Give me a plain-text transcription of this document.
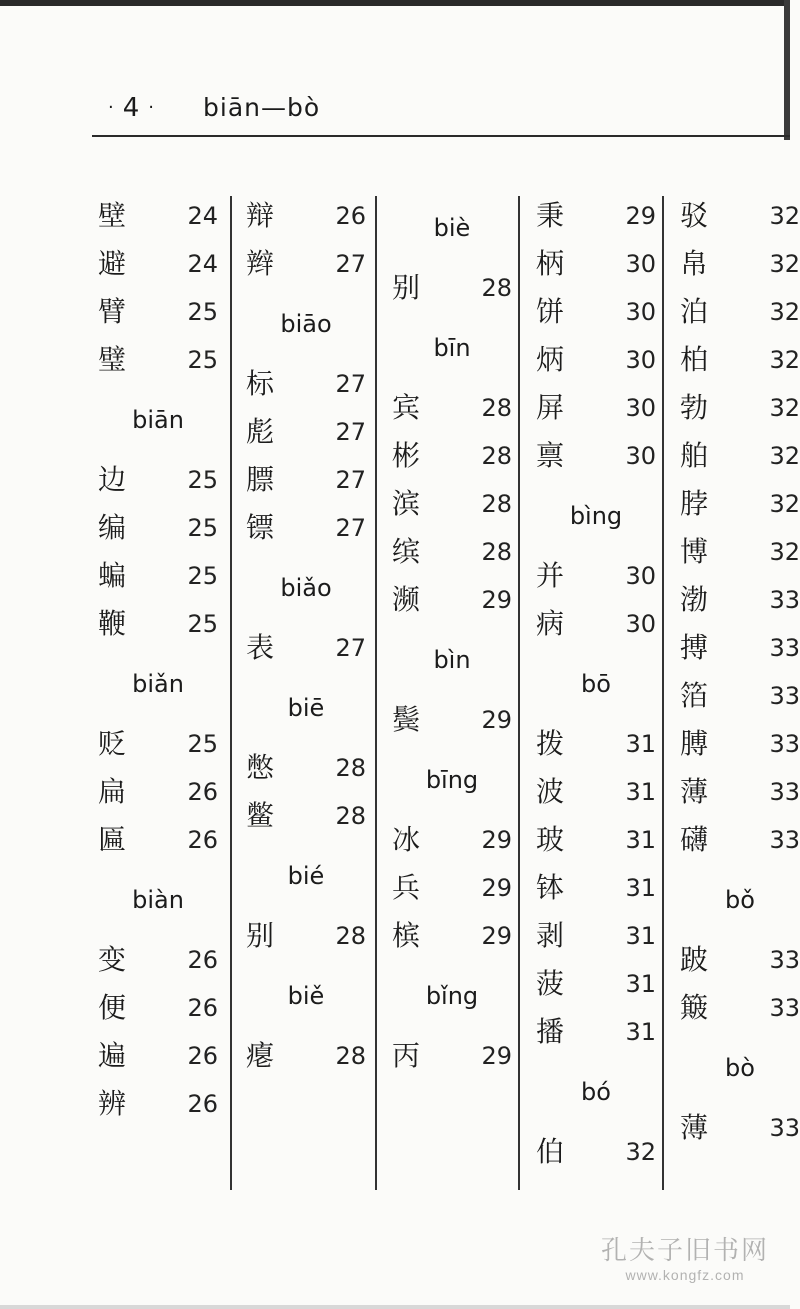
· 4 · biān—bò
壁	24
避	24
臂	25
璧	25
biān
边	25
编	25
蝙	25
鞭	25
biǎn
贬	25
扁	26
匾	26
biàn
变	26
便	26
遍	26
辨	26
辩	26
辫	27
biāo
标	27
彪	27
膘	27
镖	27
biǎo
表	27
biē
憋	28
鳖	28
bié
别	28
biě
瘪	28
biè
别	28
bīn
宾	28
彬	28
滨	28
缤	28
濒	29
bìn
鬓	29
bīng
冰	29
兵	29
槟	29
bǐng
丙	29
秉	29
柄	30
饼	30
炳	30
屏	30
禀	30
bìng
并	30
病	30
bō
拨	31
波	31
玻	31
钵	31
剥	31
菠	31
播	31
bó
伯	32
驳	32
帛	32
泊	32
柏	32
勃	32
舶	32
脖	32
博	32
渤	33
搏	33
箔	33
膊	33
薄	33
礴	33
bǒ
跛	33
簸	33
bò
薄	33
孔夫子旧书网
www.kongfz.com
